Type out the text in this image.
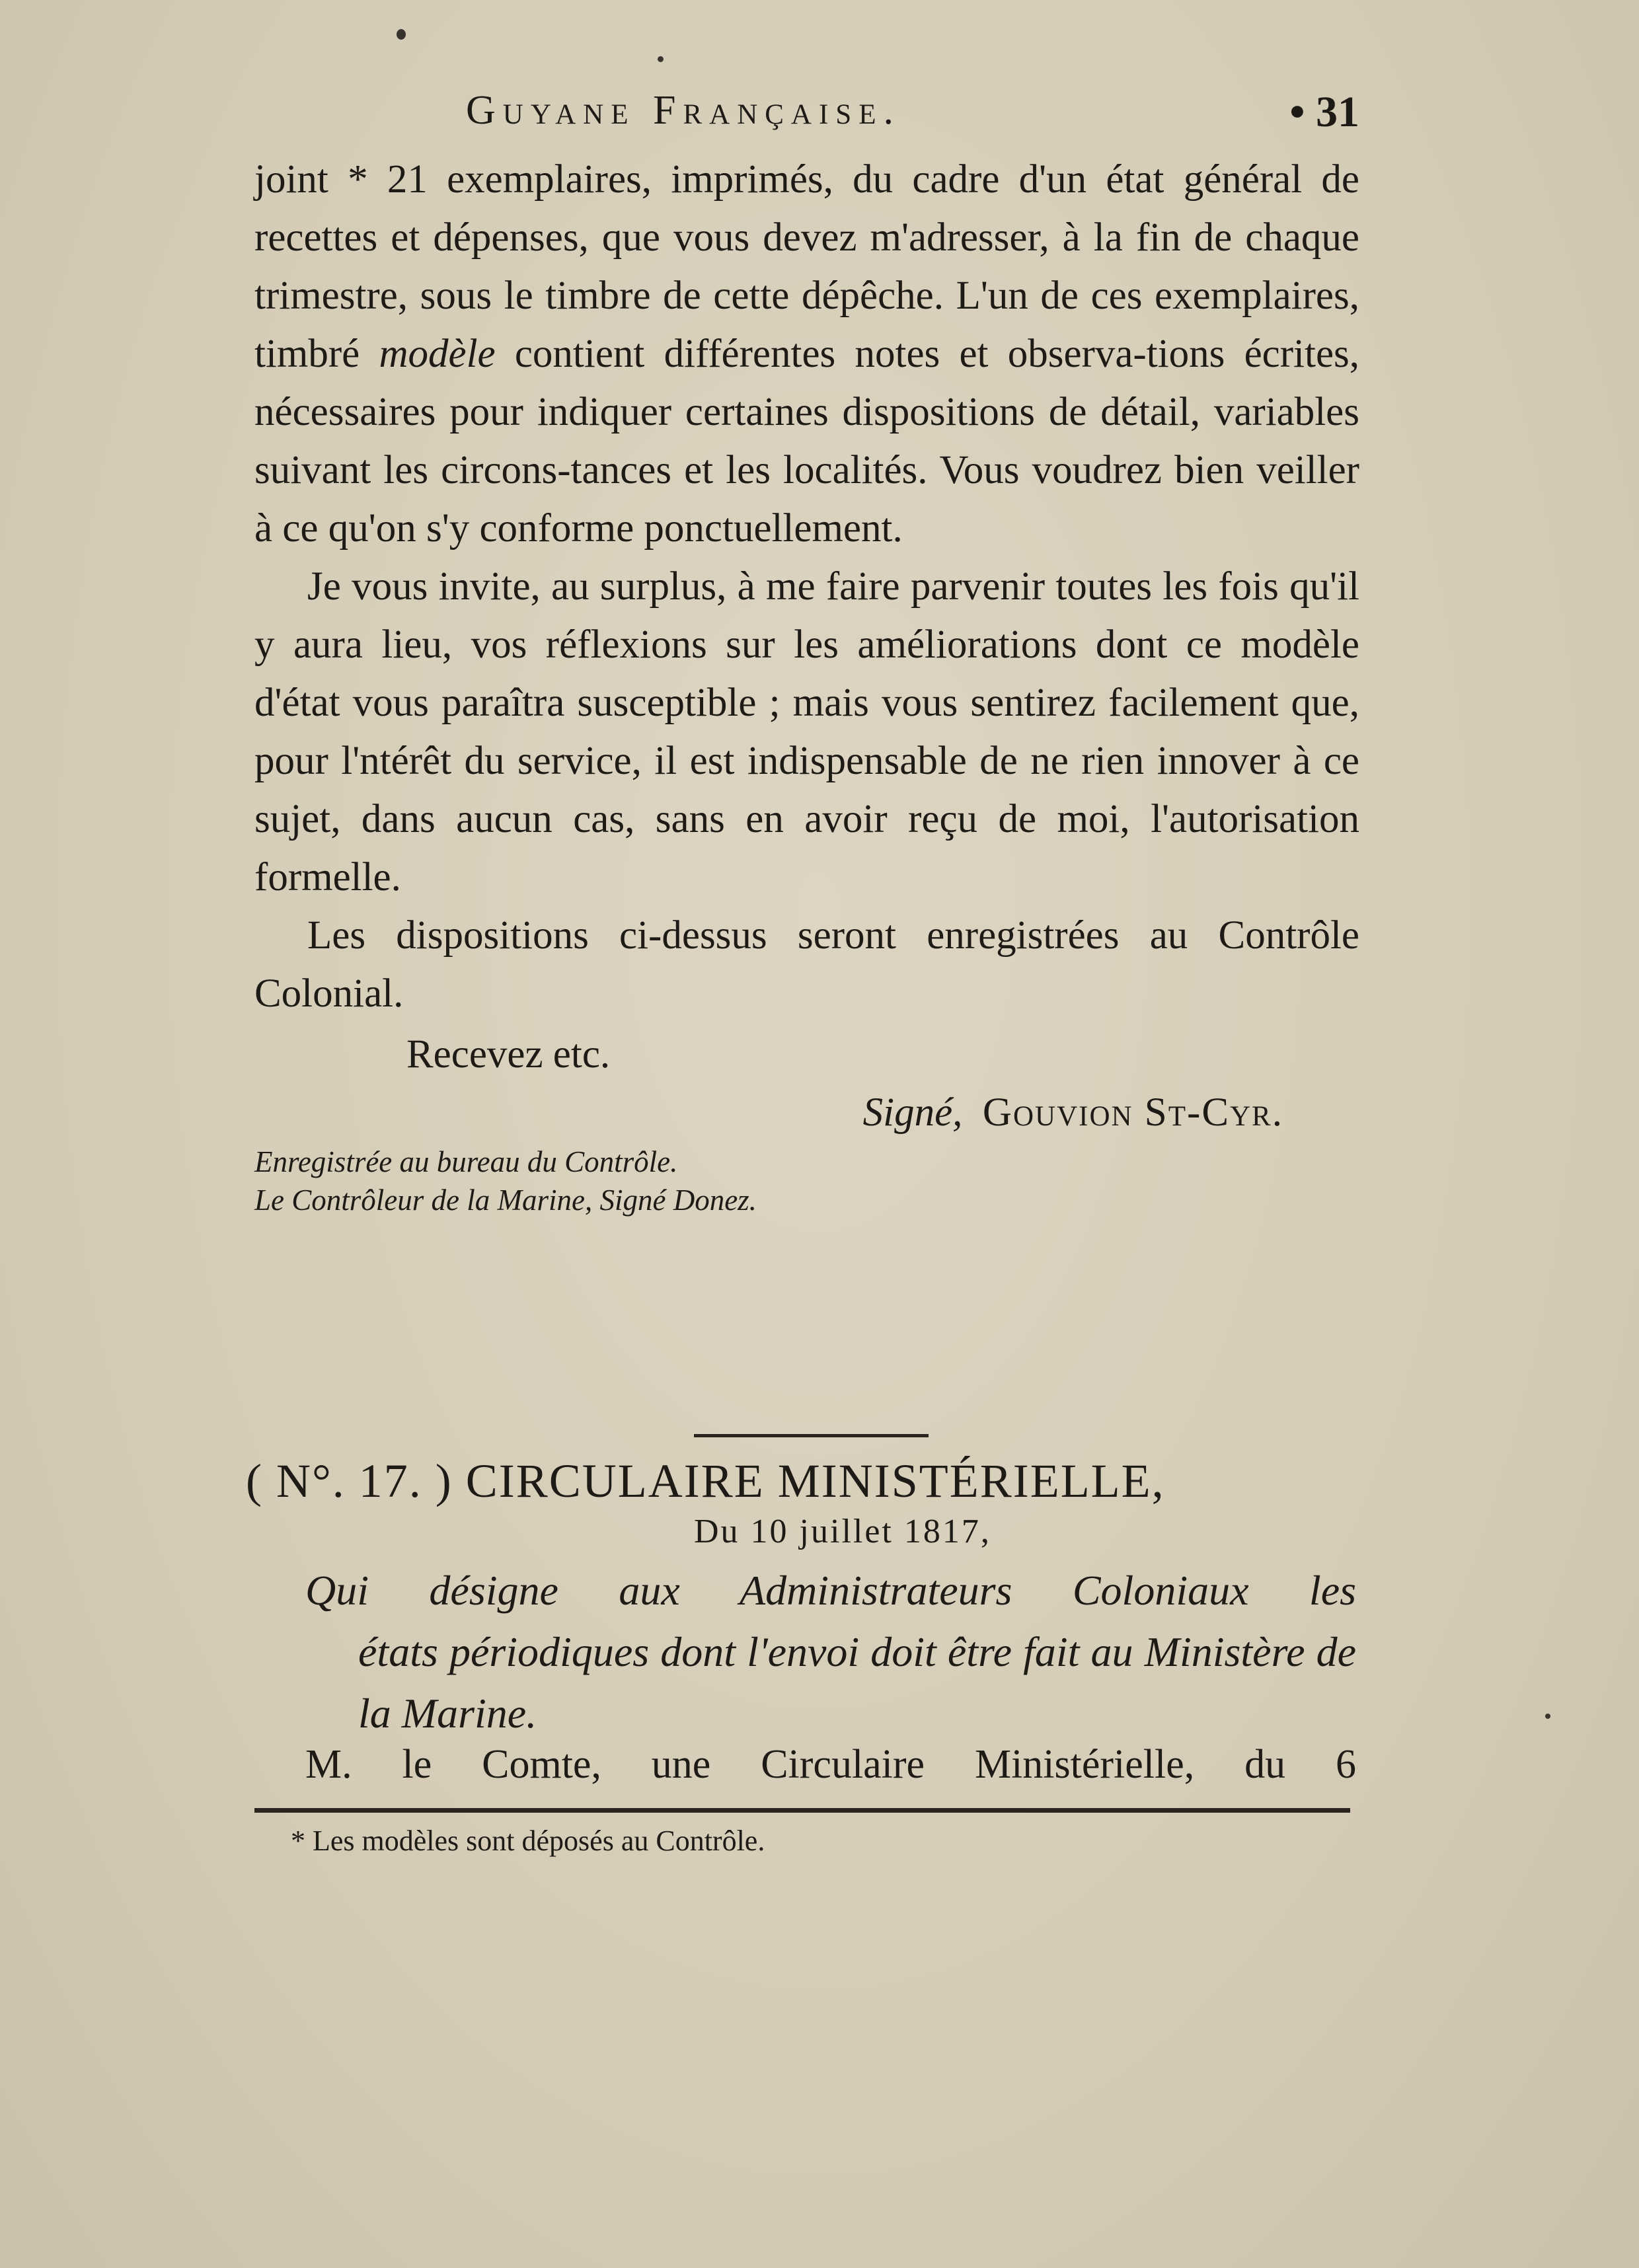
Guyane Française.	• 31

joint * 21 exemplaires, imprimés, du cadre d'un état général de recettes et dépenses, que vous devez m'adresser, à la fin de chaque trimestre, sous le timbre de cette dépêche. L'un de ces exemplaires, timbré modèle contient différentes notes et observa-tions écrites, nécessaires pour indiquer certaines dispositions de détail, variables suivant les circons-tances et les localités. Vous voudrez bien veiller à ce qu'on s'y conforme ponctuellement.

Je vous invite, au surplus, à me faire parvenir toutes les fois qu'il y aura lieu, vos réflexions sur les améliorations dont ce modèle d'état vous paraîtra susceptible ; mais vous sentirez facilement que, pour l'ntérêt du service, il est indispensable de ne rien innover à ce sujet, dans aucun cas, sans en avoir reçu de moi, l'autorisation formelle.

Les dispositions ci-dessus seront enregistrées au Contrôle Colonial.

Recevez etc.

Signé, Gouvion St-Cyr.

Enregistrée au bureau du Contrôle.

Le Contrôleur de la Marine, Signé Donez.

( N°. 17. ) CIRCULAIRE MINISTÉRIELLE,
Du 10 juillet 1817,
Qui désigne aux Administrateurs Coloniaux les
états périodiques dont l'envoi doit être fait au Ministère de la Marine.
M. le Comte, une Circulaire Ministérielle, du 6
* Les modèles sont déposés au Contrôle.
